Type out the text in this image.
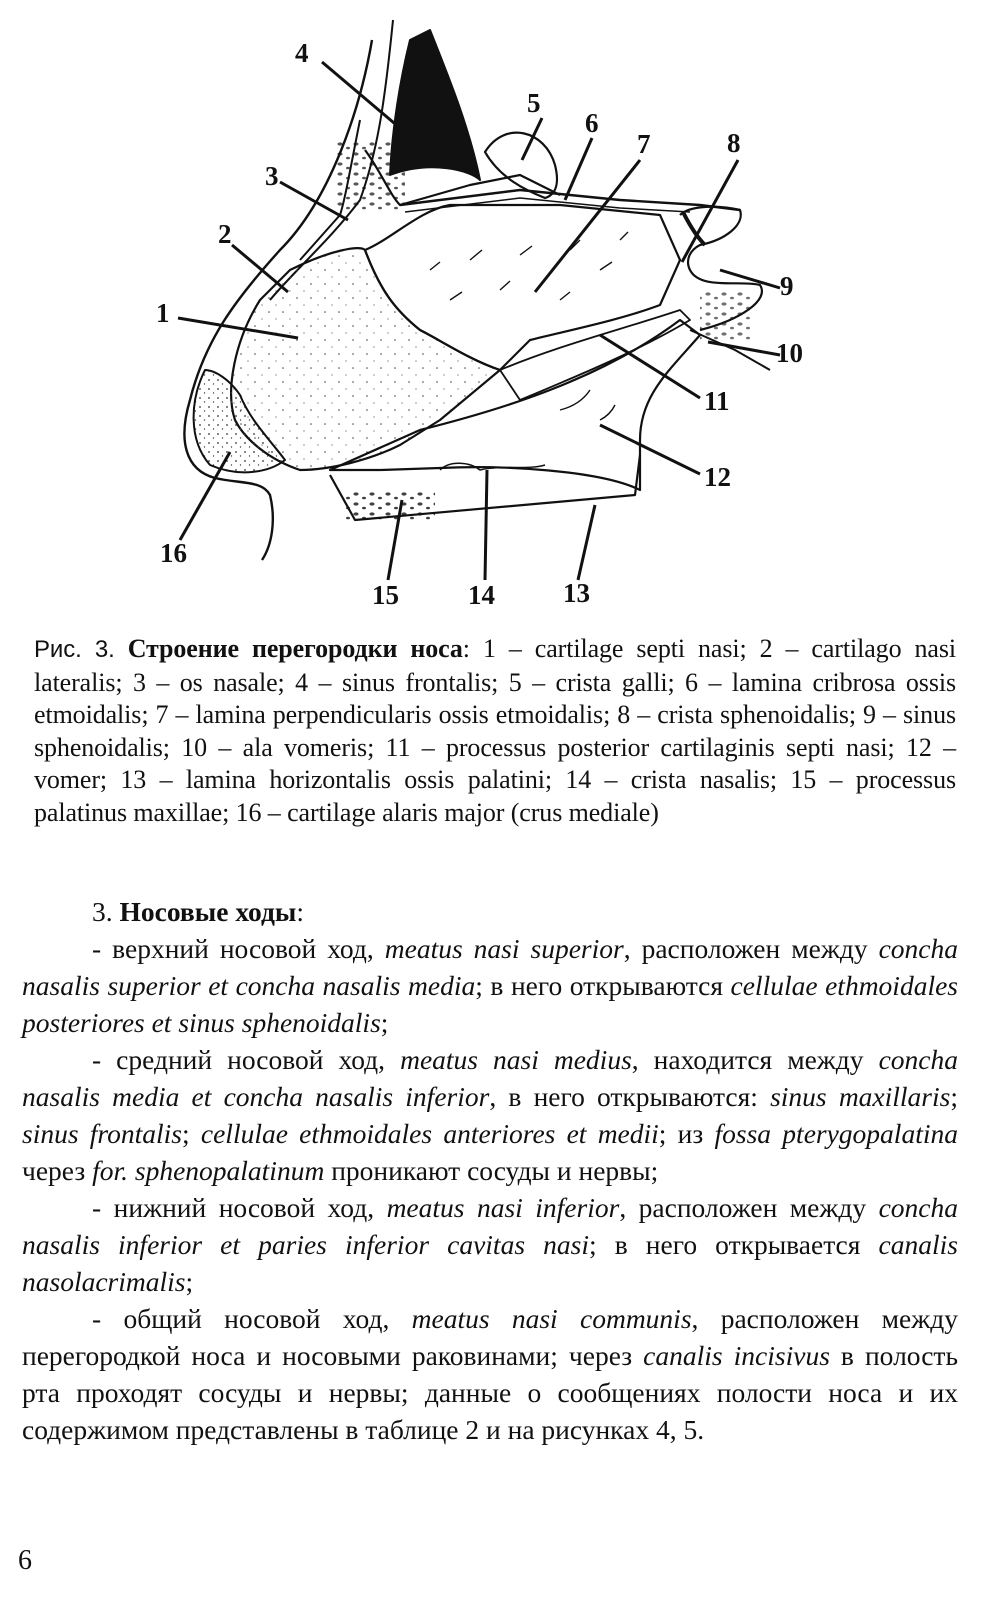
1
2
3
4
5
6
7	8
9
10
11
12
13
14
15
16
Рис. 3. Строение перегородки носа: 1 – cartilage septi nasi; 2 – cartilago nasi lateralis; 3 – os nasale; 4 – sinus frontalis; 5 – crista galli; 6 – lamina cribrosa ossis etmoidalis; 7 – lamina perpendicularis ossis etmoidalis; 8 – crista sphenoidalis; 9 – sinus sphenoidalis; 10 – ala vomeris; 11 – processus posterior cartilaginis septi nasi; 12 – vomer; 13 – lamina horizontalis ossis palatini; 14 – crista nasalis; 15 – processus palatinus maxillae; 16 – cartilage alaris major (crus mediale)

3. Носовые ходы:

- верхний носовой ход, meatus nasi superior, расположен между concha nasalis superior et concha nasalis media; в него открываются cellulae ethmoidales posteriores et sinus sphenoidalis;

- средний носовой ход, meatus nasi medius, находится между concha nasalis media et concha nasalis inferior, в него открываются: sinus maxillaris; sinus frontalis; cellulae ethmoidales anteriores et medii; из fossa pterygopalatina через for. sphenopalatinum проникают сосуды и нервы;

- нижний носовой ход, meatus nasi inferior, расположен между concha nasalis inferior et paries inferior cavitas nasi; в него открывается canalis nasolacrimalis;

- общий носовой ход, meatus nasi communis, расположен между перегородкой носа и носовыми раковинами; через canalis incisivus в полость рта проходят сосуды и нервы; данные о сообщениях полости носа и их содержимом представлены в таблице 2 и на рисунках 4, 5.

6
